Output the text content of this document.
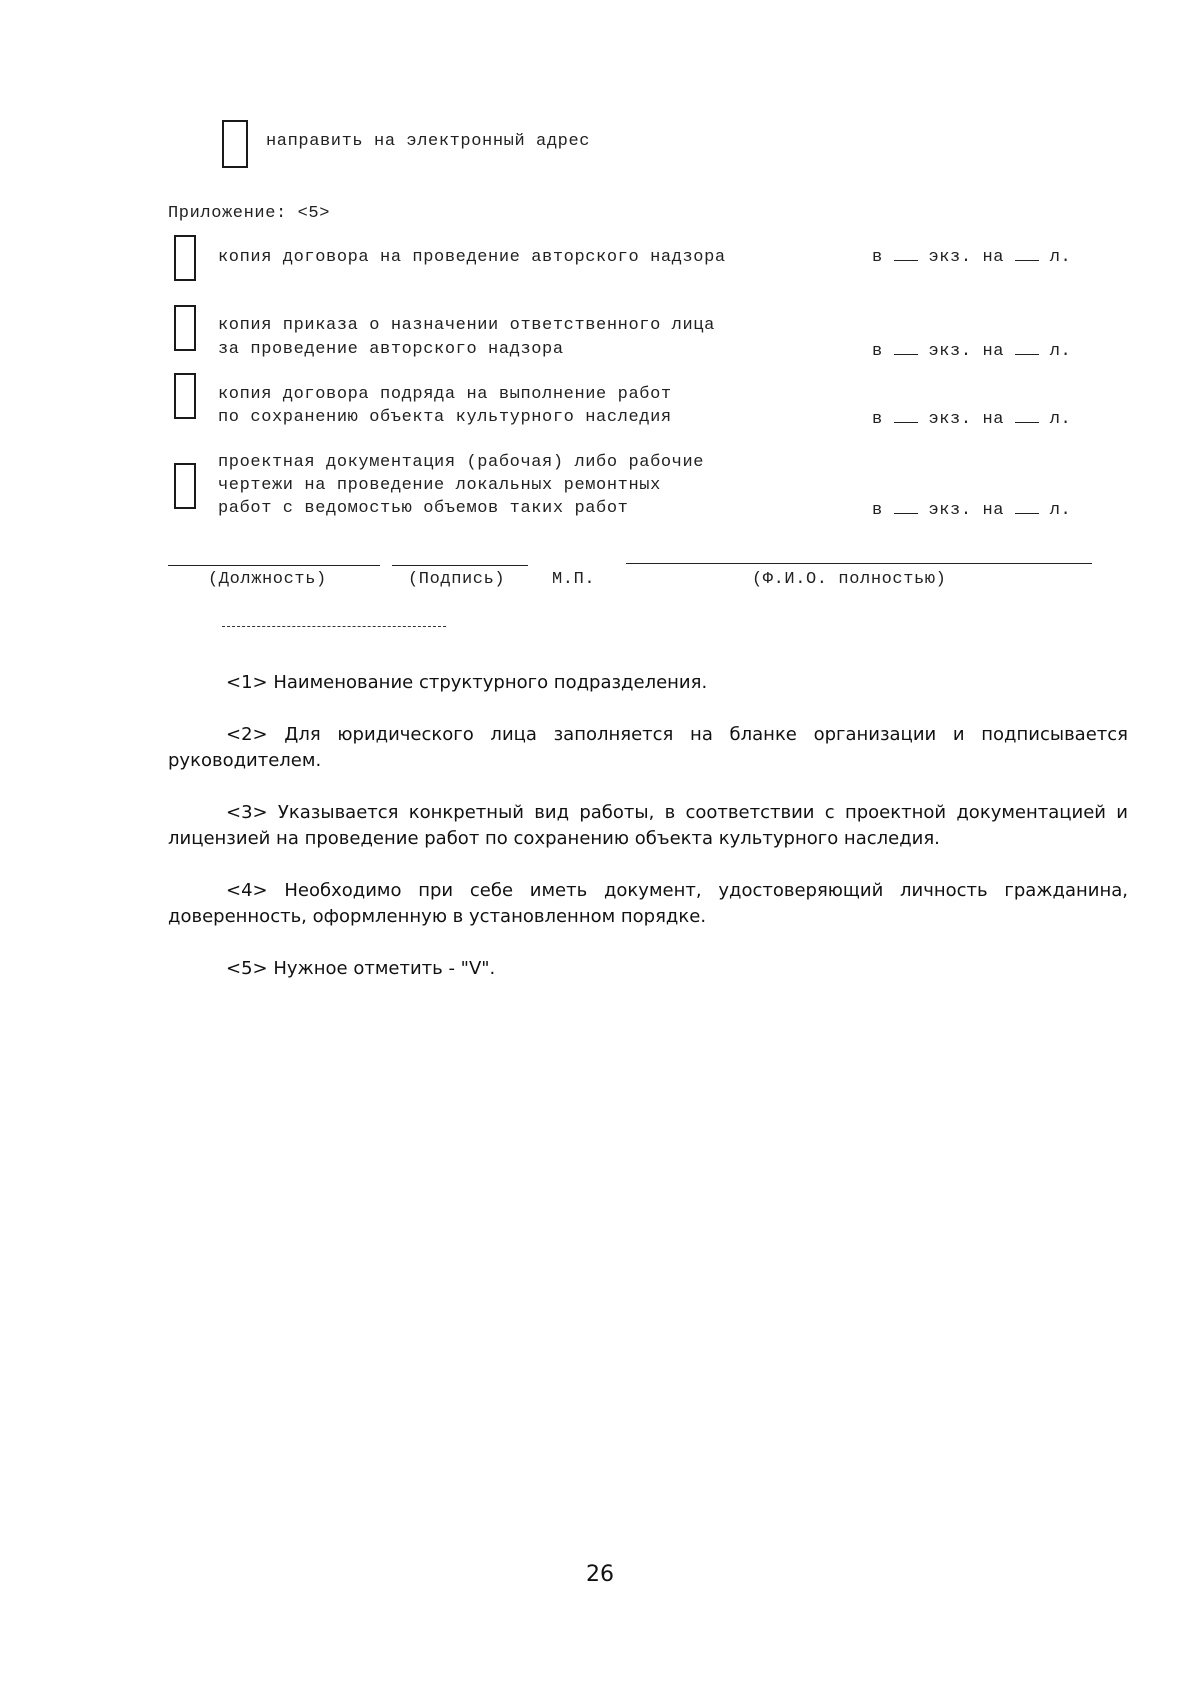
направить на электронный адрес
Приложение: <5>
копия договора на проведение авторского надзора	в	экз. на	л.
копия приказа о назначении ответственного лица
за проведение авторского надзора	в	экз. на	л.
копия договора подряда на выполнение работ
по сохранению объекта культурного наследия	в	экз. на	л.
проектная документация (рабочая) либо рабочие
чертежи на проведение локальных ремонтных
работ с ведомостью объемов таких работ	в	экз. на	л.
(Должность)	(Подпись)	М.П.	(Ф.И.О. полностью)
<1> Наименование структурного подразделения.
<2> Для юридического лица заполняется на бланке организации и подписывается руководителем.
<3> Указывается конкретный вид работы, в соответствии с проектной документацией и лицензией на проведение работ по сохранению объекта культурного наследия.
<4> Необходимо при себе иметь документ, удостоверяющий личность гражданина, доверенность, оформленную в установленном порядке.
<5> Нужное отметить - "V".
26
